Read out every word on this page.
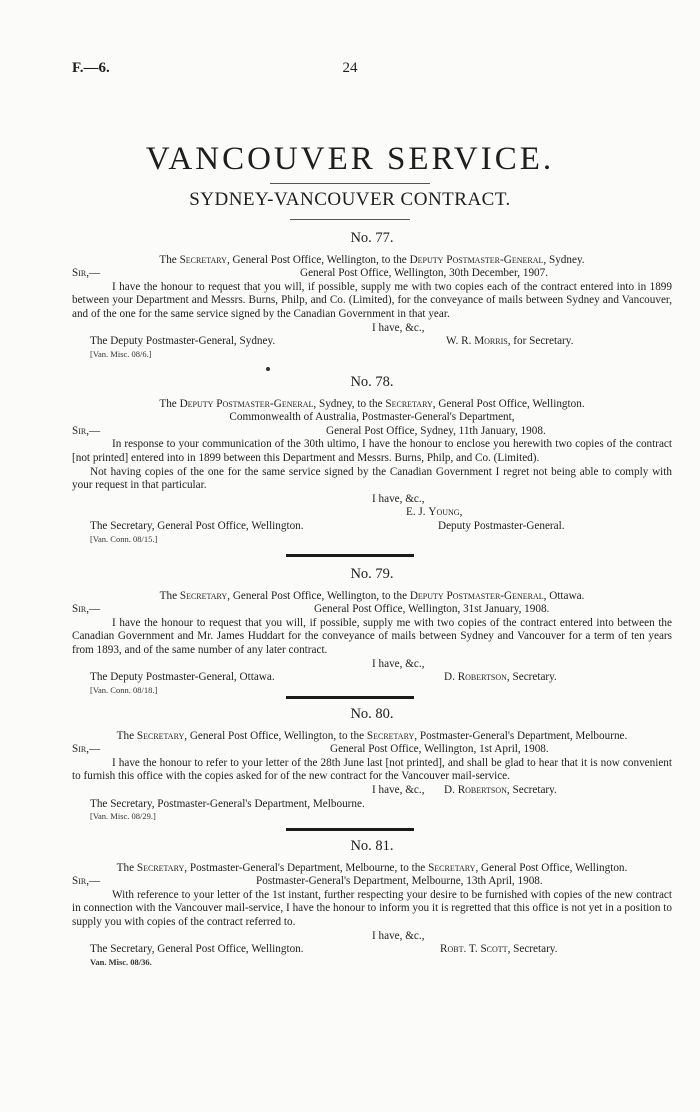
F.—6.	24
VANCOUVER SERVICE.
SYDNEY-VANCOUVER CONTRACT.
No. 77.
The Secretary, General Post Office, Wellington, to the Deputy Postmaster-General, Sydney.
Sir,—	General Post Office, Wellington, 30th December, 1907.

I have the honour to request that you will, if possible, supply me with two copies each of the contract entered into in 1899 between your Department and Messrs. Burns, Philp, and Co. (Limited), for the conveyance of mails between Sydney and Vancouver, and of the one for the same service signed by the Canadian Government in that year.

I have, &c.,
The Deputy Postmaster-General, Sydney.	W. R. Morris, for Secretary.
[Van. Misc. 08/6.]
No. 78.
The Deputy Postmaster-General, Sydney, to the Secretary, General Post Office, Wellington.
Commonwealth of Australia, Postmaster-General's Department,
Sir,—	General Post Office, Sydney, 11th January, 1908.

In response to your communication of the 30th ultimo, I have the honour to enclose you herewith two copies of the contract [not printed] entered into in 1899 between this Department and Messrs. Burns, Philp, and Co. (Limited).

Not having copies of the one for the same service signed by the Canadian Government I regret not being able to comply with your request in that particular.

I have, &c.,
E. J. Young,
The Secretary, General Post Office, Wellington.	Deputy Postmaster-General.
[Van. Conn. 08/15.]
No. 79.
The Secretary, General Post Office, Wellington, to the Deputy Postmaster-General, Ottawa.
Sir,—	General Post Office, Wellington, 31st January, 1908.

I have the honour to request that you will, if possible, supply me with two copies of the contract entered into between the Canadian Government and Mr. James Huddart for the conveyance of mails between Sydney and Vancouver for a term of ten years from 1893, and of the same number of any later contract.

I have, &c.,
The Deputy Postmaster-General, Ottawa.	D. Robertson, Secretary.
[Van. Conn. 08/18.]
No. 80.
The Secretary, General Post Office, Wellington, to the Secretary, Postmaster-General's Department, Melbourne.
Sir,—	General Post Office, Wellington, 1st April, 1908.

I have the honour to refer to your letter of the 28th June last [not printed], and shall be glad to hear that it is now convenient to furnish this office with the copies asked for of the new contract for the Vancouver mail-service.

I have, &c., D. Robertson, Secretary.
The Secretary, Postmaster-General's Department, Melbourne.
[Van. Misc. 08/29.]
No. 81.
The Secretary, Postmaster-General's Department, Melbourne, to the Secretary, General Post Office, Wellington.
Sir,—	Postmaster-General's Department, Melbourne, 13th April, 1908.

With reference to your letter of the 1st instant, further respecting your desire to be furnished with copies of the new contract in connection with the Vancouver mail-service, I have the honour to inform you it is regretted that this office is not yet in a position to supply you with copies of the contract referred to.

I have, &c.,
The Secretary, General Post Office, Wellington.	Robt. T. Scott, Secretary.
Van. Misc. 08/36.
